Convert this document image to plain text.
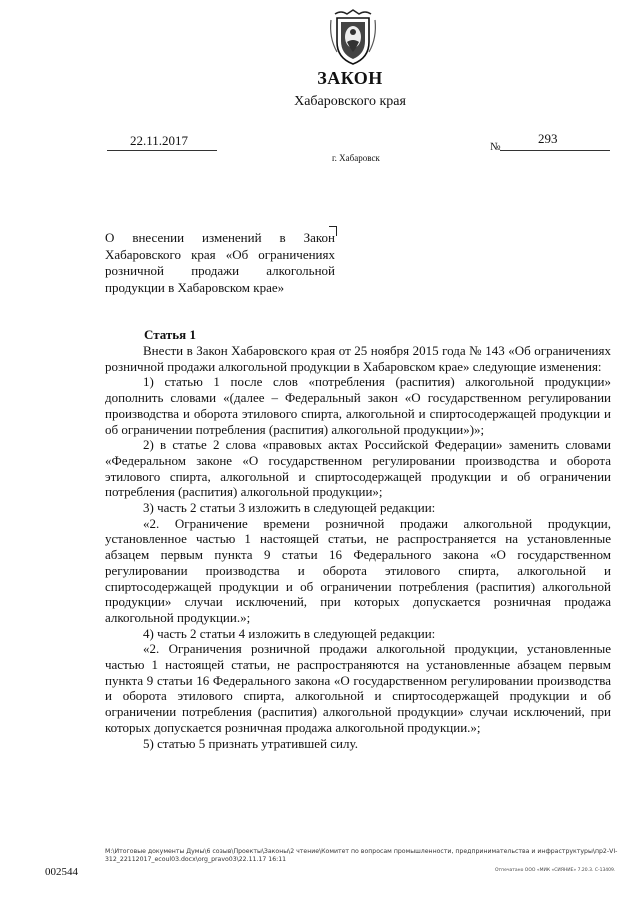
ЗАКОН
Хабаровского края
22.11.2017	№
293
г. Хабаровск
О внесении изменений в Закон Хабаровского края «Об ограничениях розничной продажи алкогольной продукции в Хабаровском крае»
Статья 1

Внести в Закон Хабаровского края от 25 ноября 2015 года № 143 «Об ограничениях розничной продажи алкогольной продукции в Хабаровском крае» следующие изменения:

1) статью 1 после слов «потребления (распития) алкогольной продукции» дополнить словами «(далее – Федеральный закон «О государственном регулировании производства и оборота этилового спирта, алкогольной и спиртосодержащей продукции и об ограничении потребления (распития) алкогольной продукции»)»;

2) в статье 2 слова «правовых актах Российской Федерации» заменить словами «Федеральном законе «О государственном регулировании производства и оборота этилового спирта, алкогольной и спиртосодержащей продукции и об ограничении потребления (распития) алкогольной продукции»;

3) часть 2 статьи 3 изложить в следующей редакции:

«2. Ограничение времени розничной продажи алкогольной продукции, установленное частью 1 настоящей статьи, не распространяется на установленные абзацем первым пункта 9 статьи 16 Федерального закона «О государственном регулировании производства и оборота этилового спирта, алкогольной и спиртосодержащей продукции и об ограничении потребления (распития) алкогольной продукции» случаи исключений, при которых допускается розничная продажа алкогольной продукции.»;

4) часть 2 статьи 4 изложить в следующей редакции:

«2. Ограничения розничной продажи алкогольной продукции, установленные частью 1 настоящей статьи, не распространяются на установленные абзацем первым пункта 9 статьи 16 Федерального закона «О государственном регулировании производства и оборота этилового спирта, алкогольной и спиртосодержащей продукции и об ограничении потребления (распития) алкогольной продукции» случаи исключений, при которых допускается розничная продажа алкогольной продукции.»;

5) статью 5 признать утратившей силу.

M:\Итоговые документы Думы\6 созыв\Проекты\Законы\2 чтение\Комитет по вопросам промышленности, предпринимательства и инфраструктуры\пр2-VI-312_22112017_ecoul03.docx\org_pravo03\22.11.17 16:11
Отпечатано ООО «МИК «СИЯНИЕ» 7.20.3. С-13409.
002544
